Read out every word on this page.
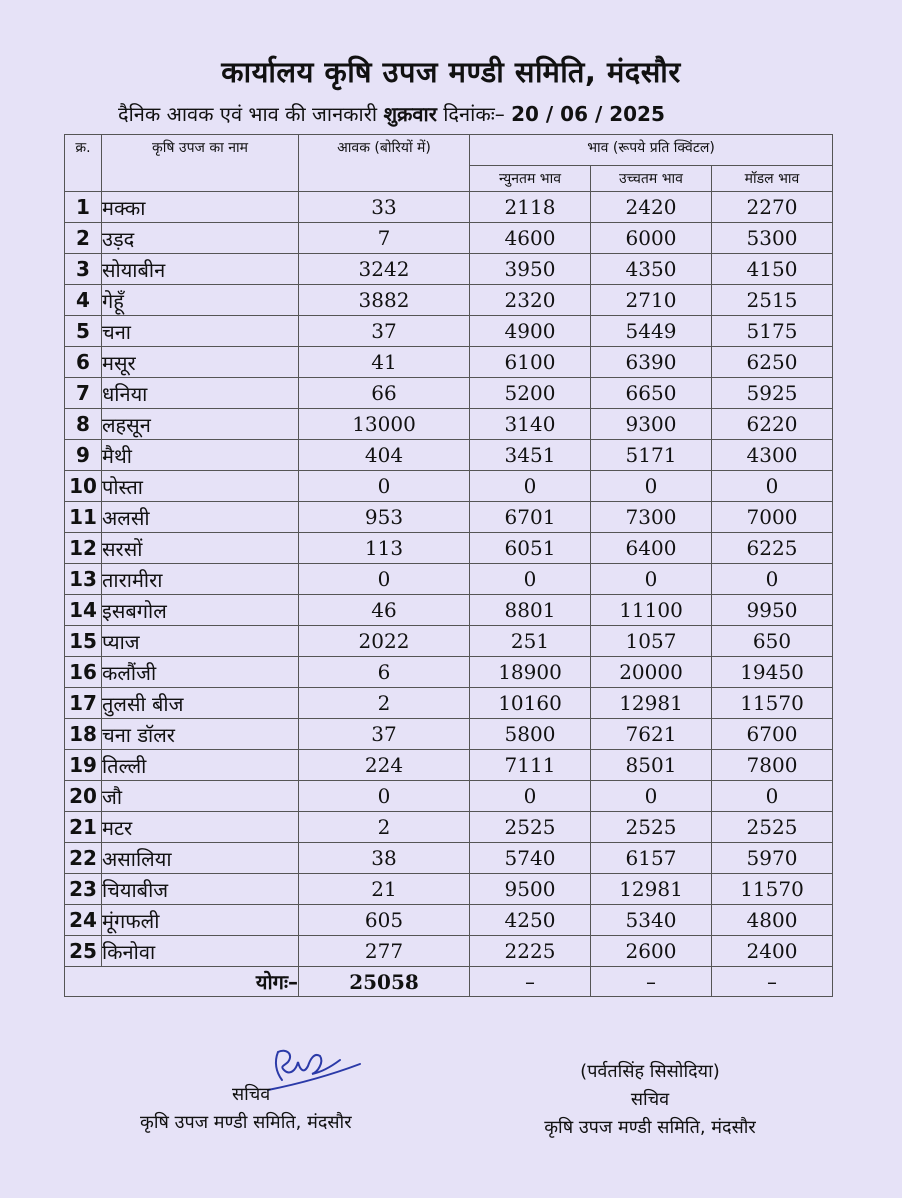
कार्यालय कृषि उपज मण्डी समिति, मंदसौर
दैनिक आवक एवं भाव की जानकारी शुक्रवार दिनांकः– 20 / 06 / 2025
क्र.	कृषि उपज का नाम	आवक (बोरियों में)	भाव (रूपये प्रति क्विंटल)		
			न्युनतम भाव	उच्चतम भाव	मॉडल भाव
1	मक्का	33	2118	2420	2270
2	उड़द	7	4600	6000	5300
3	सोयाबीन	3242	3950	4350	4150
4	गेहूँ	3882	2320	2710	2515
5	चना	37	4900	5449	5175
6	मसूर	41	6100	6390	6250
7	धनिया	66	5200	6650	5925
8	लहसून	13000	3140	9300	6220
9	मैथी	404	3451	5171	4300
10	पोस्ता	0	0	0	0
11	अलसी	953	6701	7300	7000
12	सरसों	113	6051	6400	6225
13	तारामीरा	0	0	0	0
14	इसबगोल	46	8801	11100	9950
15	प्याज	2022	251	1057	650
16	कलौंजी	6	18900	20000	19450
17	तुलसी बीज	2	10160	12981	11570
18	चना डॉलर	37	5800	7621	6700
19	तिल्ली	224	7111	8501	7800
20	जौ	0	0	0	0
21	मटर	2	2525	2525	2525
22	असालिया	38	5740	6157	5970
23	चियाबीज	21	9500	12981	11570
24	मूंगफली	605	4250	5340	4800
25	किनोवा	277	2225	2600	2400
योगः–		25058	–	–	–
सचिव
कृषि उपज मण्डी समिति, मंदसौर
(पर्वतसिंह सिसोदिया)
सचिव
कृषि उपज मण्डी समिति, मंदसौर
